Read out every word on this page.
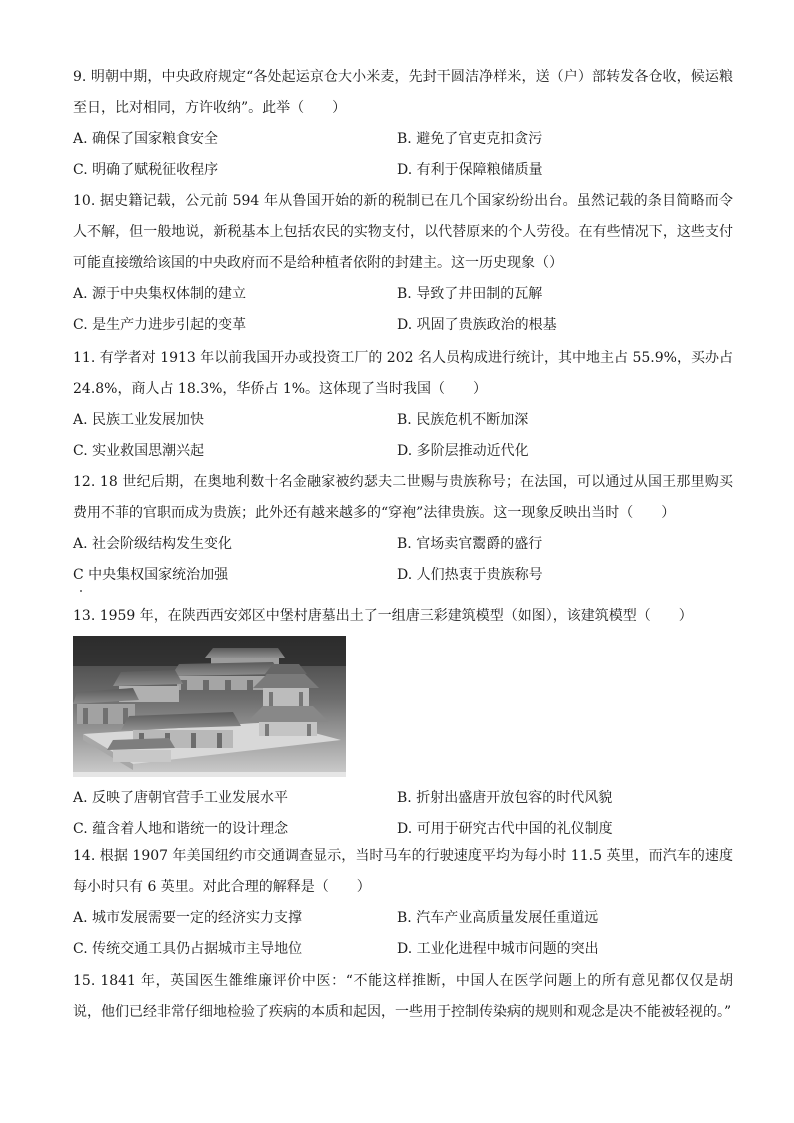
9. 明朝中期，中央政府规定“各处起运京仓大小米麦，先封干圆洁净样米，送（户）部转发各仓收，候运粮至日，比对相同，方许收纳”。此举（　　）

A. 确保了国家粮食安全	B. 避免了官吏克扣贪污
C. 明确了赋税征收程序	D. 有利于保障粮储质量

10. 据史籍记载，公元前 594 年从鲁国开始的新的税制已在几个国家纷纷出台。虽然记载的条目简略而令人不解，但一般地说，新税基本上包括农民的实物支付，以代替原来的个人劳役。在有些情况下，这些支付可能直接缴给该国的中央政府而不是给种植者依附的封建主。这一历史现象（）

A. 源于中央集权体制的建立	B. 导致了井田制的瓦解
C. 是生产力进步引起的变革	D. 巩固了贵族政治的根基

11. 有学者对 1913 年以前我国开办或投资工厂的 202 名人员构成进行统计，其中地主占 55.9%，买办占 24.8%，商人占 18.3%，华侨占 1%。这体现了当时我国（　　）

A. 民族工业发展加快	B. 民族危机不断加深
C. 实业救国思潮兴起	D. 多阶层推动近代化

12. 18 世纪后期，在奥地利数十名金融家被约瑟夫二世赐与贵族称号；在法国，可以通过从国王那里购买费用不菲的官职而成为贵族；此外还有越来越多的“穿袍”法律贵族。这一现象反映出当时（　　）

A. 社会阶级结构发生变化	B. 官场卖官鬻爵的盛行
C 中央集权国家统治加强	D. 人们热衷于贵族称号

13. 1959 年，在陕西西安郊区中堡村唐墓出土了一组唐三彩建筑模型（如图），该建筑模型（　　）

A. 反映了唐朝官营手工业发展水平	B. 折射出盛唐开放包容的时代风貌
C. 蕴含着人地和谐统一的设计理念	D. 可用于研究古代中国的礼仪制度

14. 根据 1907 年美国纽约市交通调查显示，当时马车的行驶速度平均为每小时 11.5 英里，而汽车的速度每小时只有 6 英里。对此合理的解释是（　　）

A. 城市发展需要一定的经济实力支撑	B. 汽车产业高质量发展任重道远
C. 传统交通工具仍占据城市主导地位	D. 工业化进程中城市问题的突出

15. 1841 年，英国医生雒维廉评价中医：“不能这样推断，中国人在医学问题上的所有意见都仅仅是胡说，他们已经非常仔细地检验了疾病的本质和起因，一些用于控制传染病的规则和观念是决不能被轻视的。”
